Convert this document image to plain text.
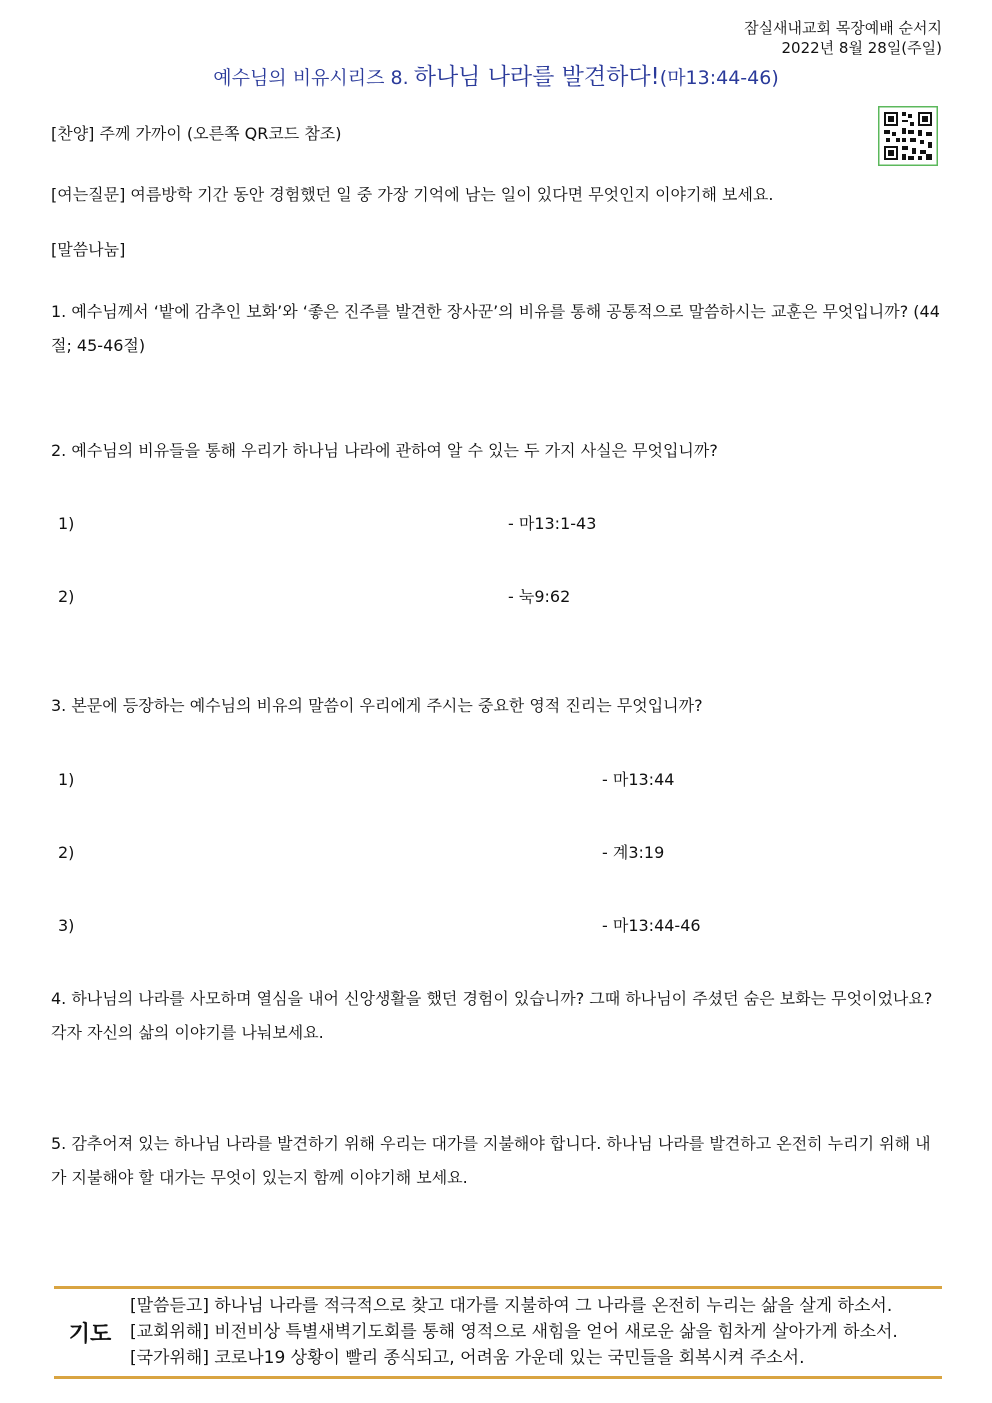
잠실새내교회 목장예배 순서지
2022년 8월 28일(주일)
예수님의 비유시리즈 8. 하나님 나라를 발견하다!(마13:44-46)
[찬양] 주께 가까이 (오른쪽 QR코드 참조)
[여는질문] 여름방학 기간 동안 경험했던 일 중 가장 기억에 남는 일이 있다면 무엇인지 이야기해 보세요.
[말씀나눔]
1. 예수님께서 ‘밭에 감추인 보화’와 ‘좋은 진주를 발견한 장사꾼’의 비유를 통해 공통적으로 말씀하시는 교훈은 무엇입니까? (44절; 45-46절)
2. 예수님의 비유들을 통해 우리가 하나님 나라에 관하여 알 수 있는 두 가지 사실은 무엇입니까?
1)	- 마13:1-43
2)	- 눅9:62
3. 본문에 등장하는 예수님의 비유의 말씀이 우리에게 주시는 중요한 영적 진리는 무엇입니까?
1)	- 마13:44
2)	- 계3:19
3)	- 마13:44-46
4. 하나님의 나라를 사모하며 열심을 내어 신앙생활을 했던 경험이 있습니까? 그때 하나님이 주셨던 숨은 보화는 무엇이었나요? 각자 자신의 삶의 이야기를 나눠보세요.
5. 감추어져 있는 하나님 나라를 발견하기 위해 우리는 대가를 지불해야 합니다. 하나님 나라를 발견하고 온전히 누리기 위해 내가 지불해야 할 대가는 무엇이 있는지 함께 이야기해 보세요.
기도
[말씀듣고] 하나님 나라를 적극적으로 찾고 대가를 지불하여 그 나라를 온전히 누리는 삶을 살게 하소서.
[교회위해] 비전비상 특별새벽기도회를 통해 영적으로 새힘을 얻어 새로운 삶을 힘차게 살아가게 하소서.
[국가위해] 코로나19 상황이 빨리 종식되고, 어려움 가운데 있는 국민들을 회복시켜 주소서.
